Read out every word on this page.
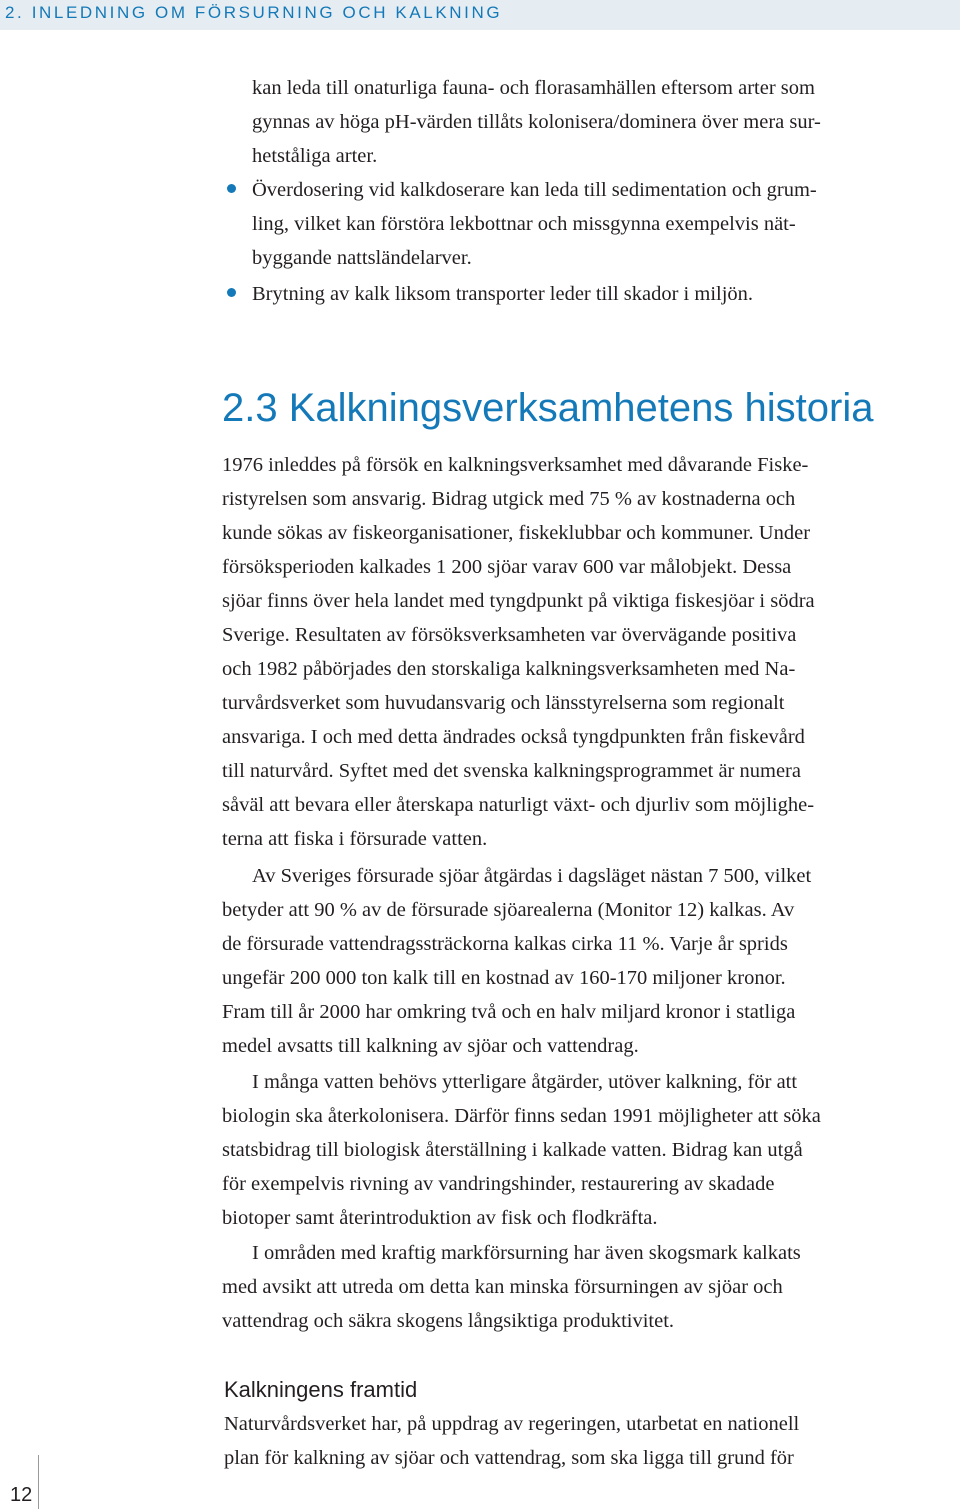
2. INLEDNING OM FÖRSURNING OCH KALKNING
kan leda till onaturliga fauna- och florasamhällen eftersom arter som
gynnas av höga pH-värden tillåts kolonisera/dominera över mera sur-
hetståliga arter.
Överdosering vid kalkdoserare kan leda till sedimentation och grum-
ling, vilket kan förstöra lekbottnar och missgynna exempelvis nät-
byggande nattsländelarver.
Brytning av kalk liksom transporter leder till skador i miljön.
2.3 Kalkningsverksamhetens historia
1976 inleddes på försök en kalkningsverksamhet med dåvarande Fiske-
ristyrelsen som ansvarig. Bidrag utgick med 75 % av kostnaderna och
kunde sökas av fiskeorganisationer, fiskeklubbar och kommuner. Under
försöksperioden kalkades 1 200 sjöar varav 600 var målobjekt. Dessa
sjöar finns över hela landet med tyngdpunkt på viktiga fiskesjöar i södra
Sverige. Resultaten av försöksverksamheten var övervägande positiva
och 1982 påbörjades den storskaliga kalkningsverksamheten med Na-
turvårdsverket som huvudansvarig och länsstyrelserna som regionalt
ansvariga. I och med detta ändrades också tyngdpunkten från fiskevård
till naturvård. Syftet med det svenska kalkningsprogrammet är numera
såväl att bevara eller återskapa naturligt växt- och djurliv som möjlighe-
terna att fiska i försurade vatten.
Av Sveriges försurade sjöar åtgärdas i dagsläget nästan 7 500, vilket
betyder att 90 % av de försurade sjöarealerna (Monitor 12) kalkas. Av
de försurade vattendragssträckorna kalkas cirka 11 %. Varje år sprids
ungefär 200 000 ton kalk till en kostnad av 160-170 miljoner kronor.
Fram till år 2000 har omkring två och en halv miljard kronor i statliga
medel avsatts till kalkning av sjöar och vattendrag.
I många vatten behövs ytterligare åtgärder, utöver kalkning, för att
biologin ska återkolonisera. Därför finns sedan 1991 möjligheter att söka
statsbidrag till biologisk återställning i kalkade vatten. Bidrag kan utgå
för exempelvis rivning av vandringshinder, restaurering av skadade
biotoper samt återintroduktion av fisk och flodkräfta.
I områden med kraftig markförsurning har även skogsmark kalkats
med avsikt att utreda om detta kan minska försurningen av sjöar och
vattendrag och säkra skogens långsiktiga produktivitet.
Kalkningens framtid
Naturvårdsverket har, på uppdrag av regeringen, utarbetat en nationell
plan för kalkning av sjöar och vattendrag, som ska ligga till grund för
12
